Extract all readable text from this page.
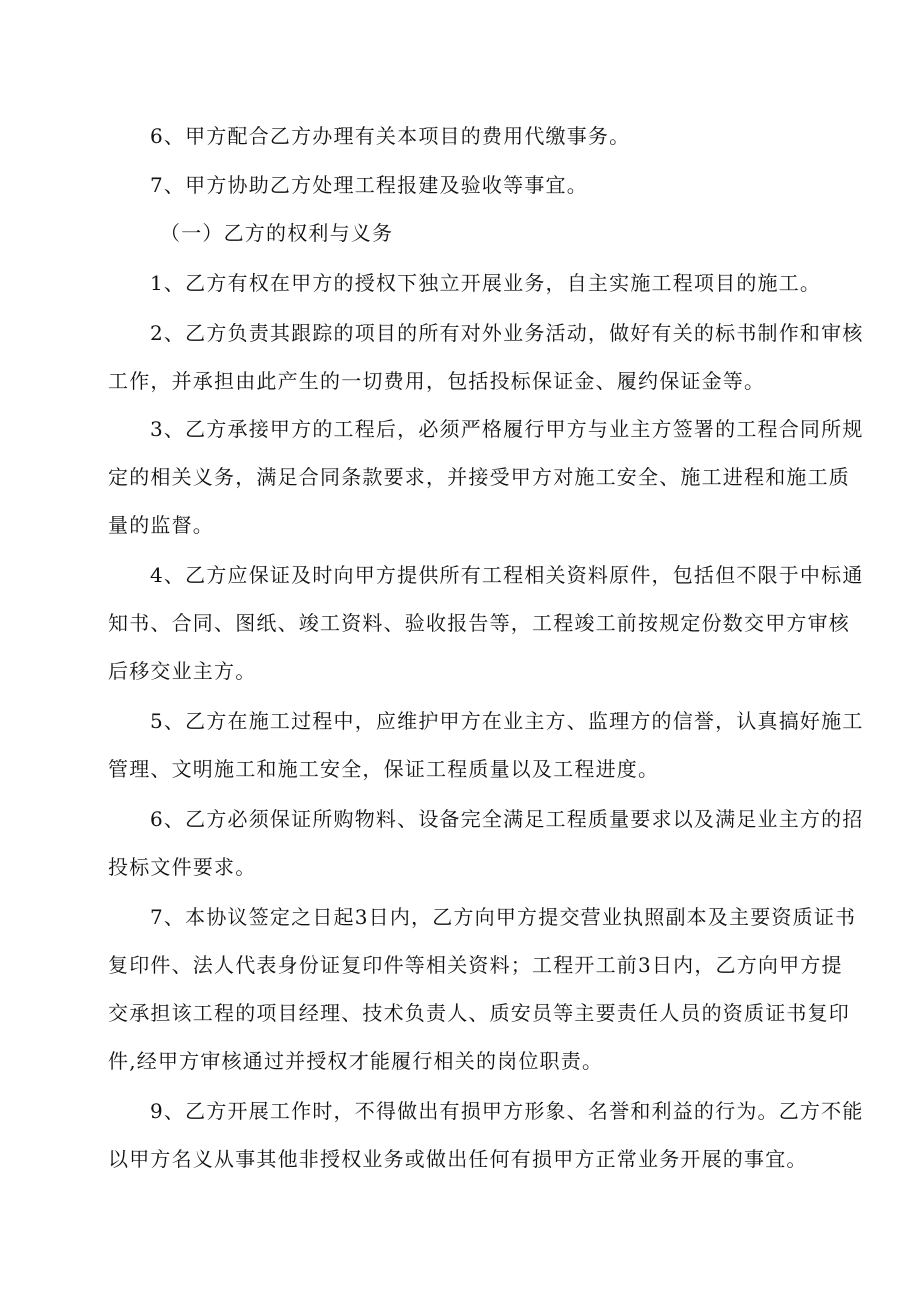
6、甲方配合乙方办理有关本项目的费用代缴事务。
7、甲方协助乙方处理工程报建及验收等事宜。
（一）乙方的权利与义务
1、乙方有权在甲方的授权下独立开展业务，自主实施工程项目的施工。
2、乙方负责其跟踪的项目的所有对外业务活动，做好有关的标书制作和审核
工作，并承担由此产生的一切费用，包括投标保证金、履约保证金等。
3、乙方承接甲方的工程后，必须严格履行甲方与业主方签署的工程合同所规
定的相关义务，满足合同条款要求，并接受甲方对施工安全、施工进程和施工质
量的监督。
4、乙方应保证及时向甲方提供所有工程相关资料原件，包括但不限于中标通
知书、合同、图纸、竣工资料、验收报告等，工程竣工前按规定份数交甲方审核
后移交业主方。
5、乙方在施工过程中，应维护甲方在业主方、监理方的信誉，认真搞好施工
管理、文明施工和施工安全，保证工程质量以及工程进度。
6、乙方必须保证所购物料、设备完全满足工程质量要求以及满足业主方的招
投标文件要求。
7、本协议签定之日起3日内，乙方向甲方提交营业执照副本及主要资质证书
复印件、法人代表身份证复印件等相关资料；工程开工前3日内，乙方向甲方提
交承担该工程的项目经理、技术负责人、质安员等主要责任人员的资质证书复印
件,经甲方审核通过并授权才能履行相关的岗位职责。
9、乙方开展工作时，不得做出有损甲方形象、名誉和利益的行为。乙方不能
以甲方名义从事其他非授权业务或做出任何有损甲方正常业务开展的事宜。
